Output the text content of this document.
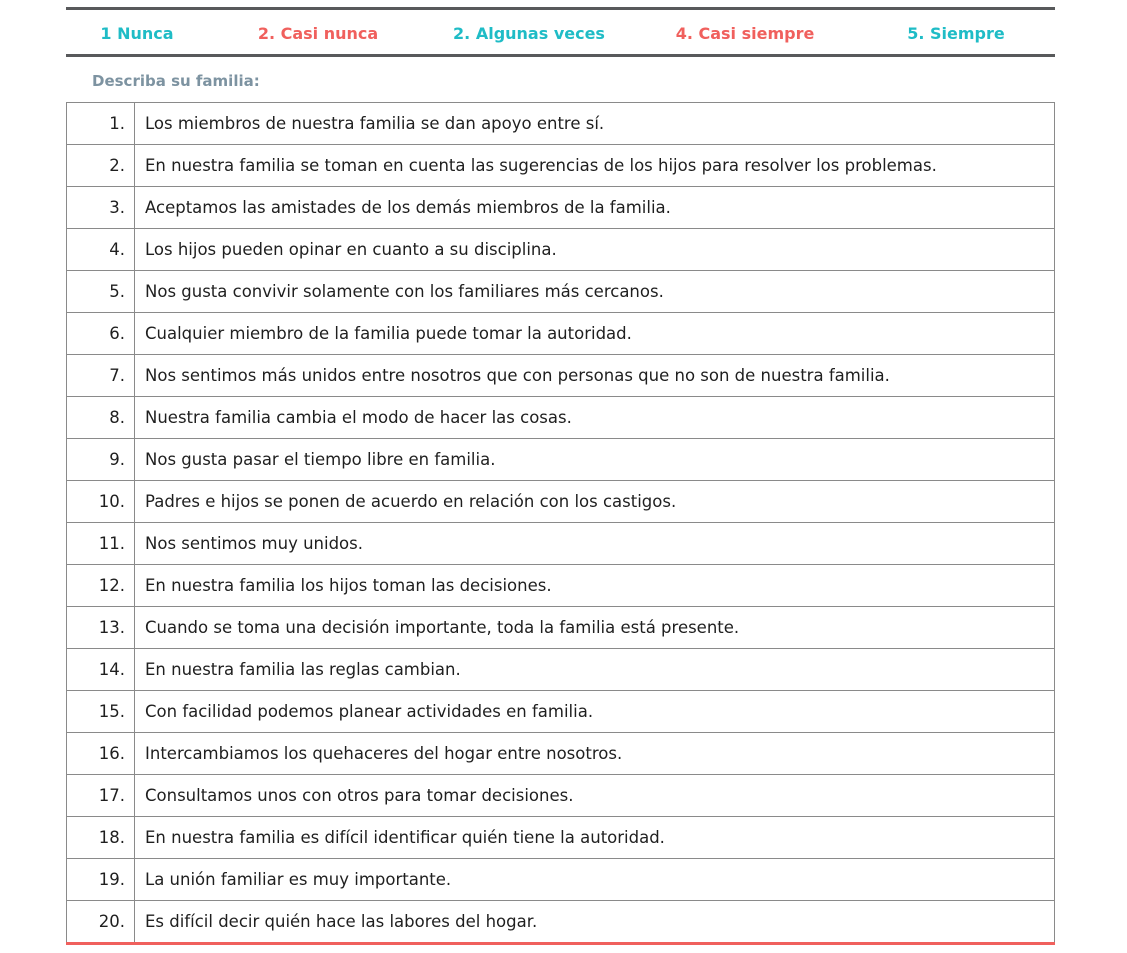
1 Nunca	2. Casi nunca	2. Algunas veces	4. Casi siempre	5. Siempre
Describa su familia:
1.	Los miembros de nuestra familia se dan apoyo entre sí.
2.	En nuestra familia se toman en cuenta las sugerencias de los hijos para resolver los problemas.
3.	Aceptamos las amistades de los demás miembros de la familia.
4.	Los hijos pueden opinar en cuanto a su disciplina.
5.	Nos gusta convivir solamente con los familiares más cercanos.
6.	Cualquier miembro de la familia puede tomar la autoridad.
7.	Nos sentimos más unidos entre nosotros que con personas que no son de nuestra familia.
8.	Nuestra familia cambia el modo de hacer las cosas.
9.	Nos gusta pasar el tiempo libre en familia.
10.	Padres e hijos se ponen de acuerdo en relación con los castigos.
11.	Nos sentimos muy unidos.
12.	En nuestra familia los hijos toman las decisiones.
13.	Cuando se toma una decisión importante, toda la familia está presente.
14.	En nuestra familia las reglas cambian.
15.	Con facilidad podemos planear actividades en familia.
16.	Intercambiamos los quehaceres del hogar entre nosotros.
17.	Consultamos unos con otros para tomar decisiones.
18.	En nuestra familia es difícil identificar quién tiene la autoridad.
19.	La unión familiar es muy importante.
20.	Es difícil decir quién hace las labores del hogar.
